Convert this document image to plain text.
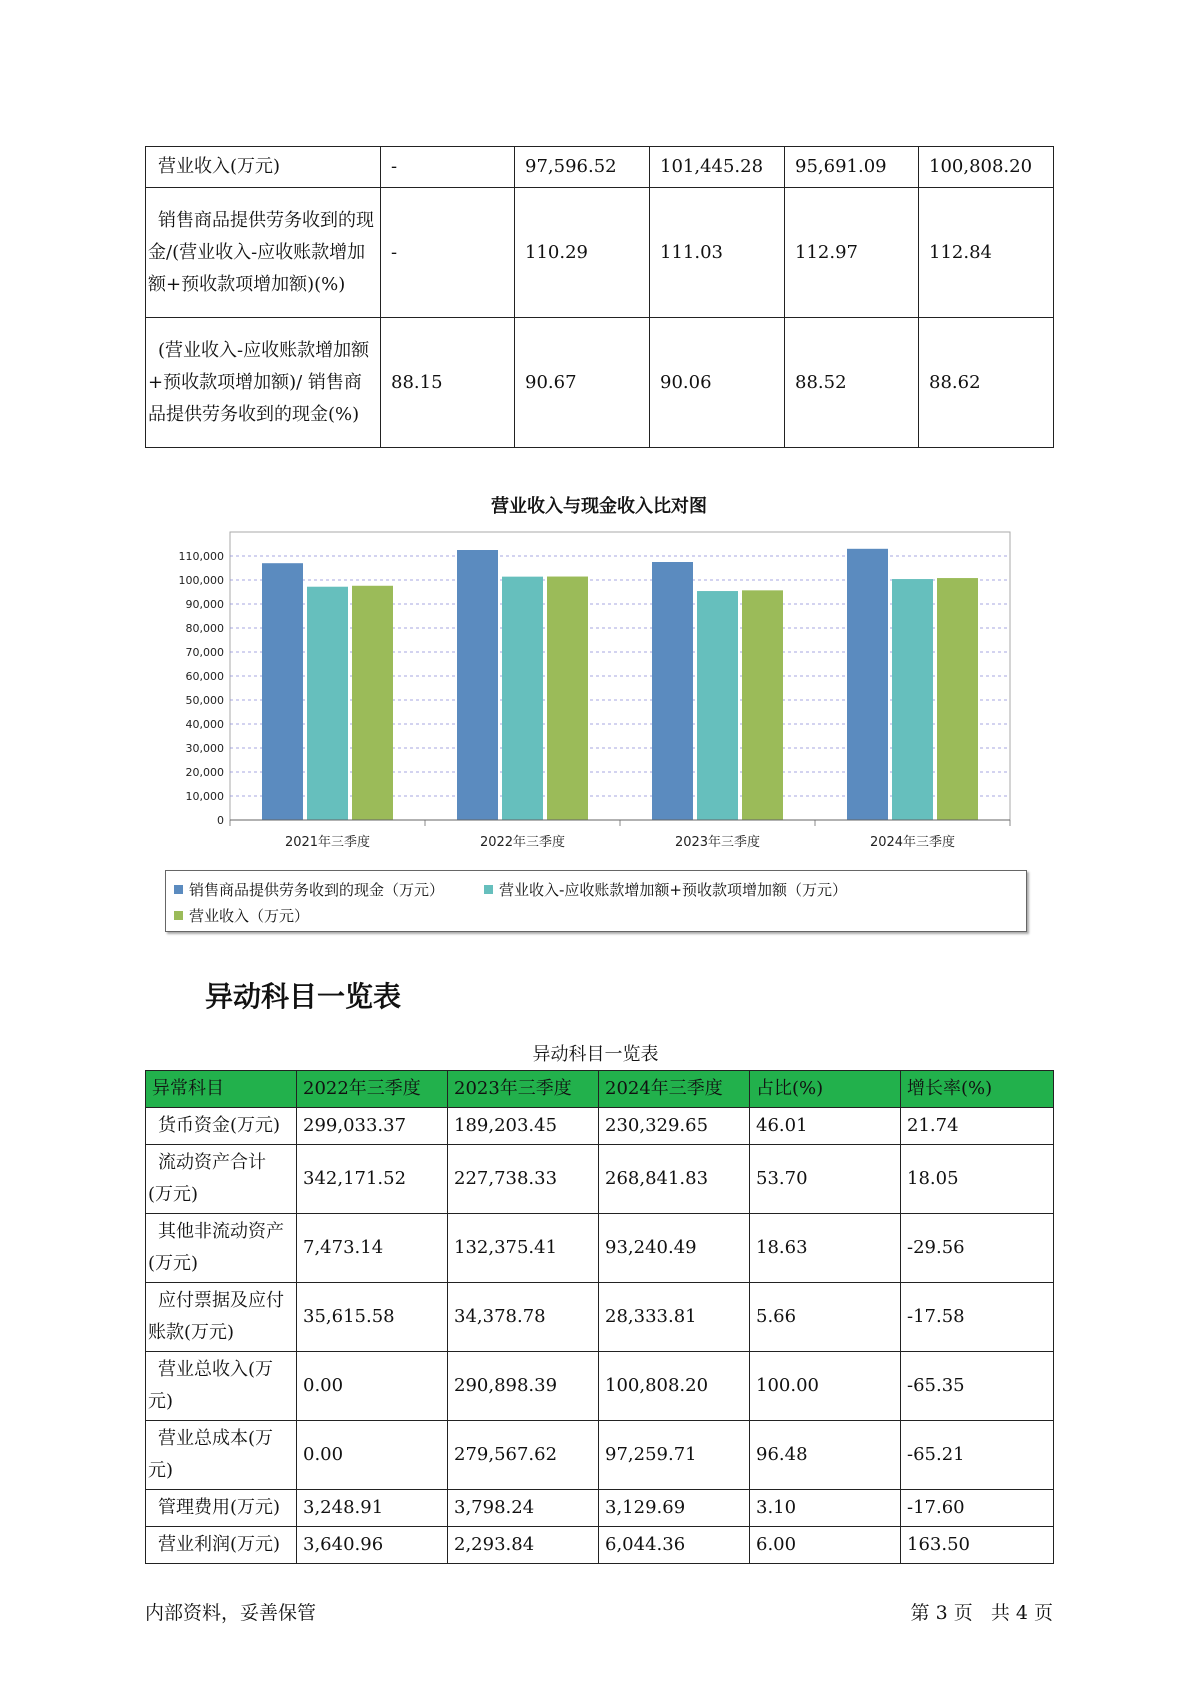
营业收入(万元)	-	97,596.52	101,445.28	95,691.09	100,808.20
销售商品提供劳务收到的现金/(营业收入-应收账款增加额+预收款项增加额)(%)	-	110.29	111.03	112.97	112.84
(营业收入-应收账款增加额+预收款项增加额)/ 销售商品提供劳务收到的现金(%)	88.15	90.67	90.06	88.52	88.62
营业收入与现金收入比对图
0
10,000
20,000
30,000
40,000
50,000
60,000
70,000
80,000
90,000
100,000
110,000
2021年三季度	2022年三季度	2023年三季度	2024年三季度
销售商品提供劳务收到的现金（万元）	营业收入-应收账款增加额+预收款项增加额（万元）
营业收入（万元）
异动科目一览表
异动科目一览表
异常科目	2022年三季度	2023年三季度	2024年三季度	占比(%)	增长率(%)
货币资金(万元)	299,033.37	189,203.45	230,329.65	46.01	21.74
流动资产合计(万元)	342,171.52	227,738.33	268,841.83	53.70	18.05
其他非流动资产(万元)	7,473.14	132,375.41	93,240.49	18.63	-29.56
应付票据及应付账款(万元)	35,615.58	34,378.78	28,333.81	5.66	-17.58
营业总收入(万元)	0.00	290,898.39	100,808.20	100.00	-65.35
营业总成本(万元)	0.00	279,567.62	97,259.71	96.48	-65.21
管理费用(万元)	3,248.91	3,798.24	3,129.69	3.10	-17.60
营业利润(万元)	3,640.96	2,293.84	6,044.36	6.00	163.50
内部资料，妥善保管	第 3 页   共 4 页
